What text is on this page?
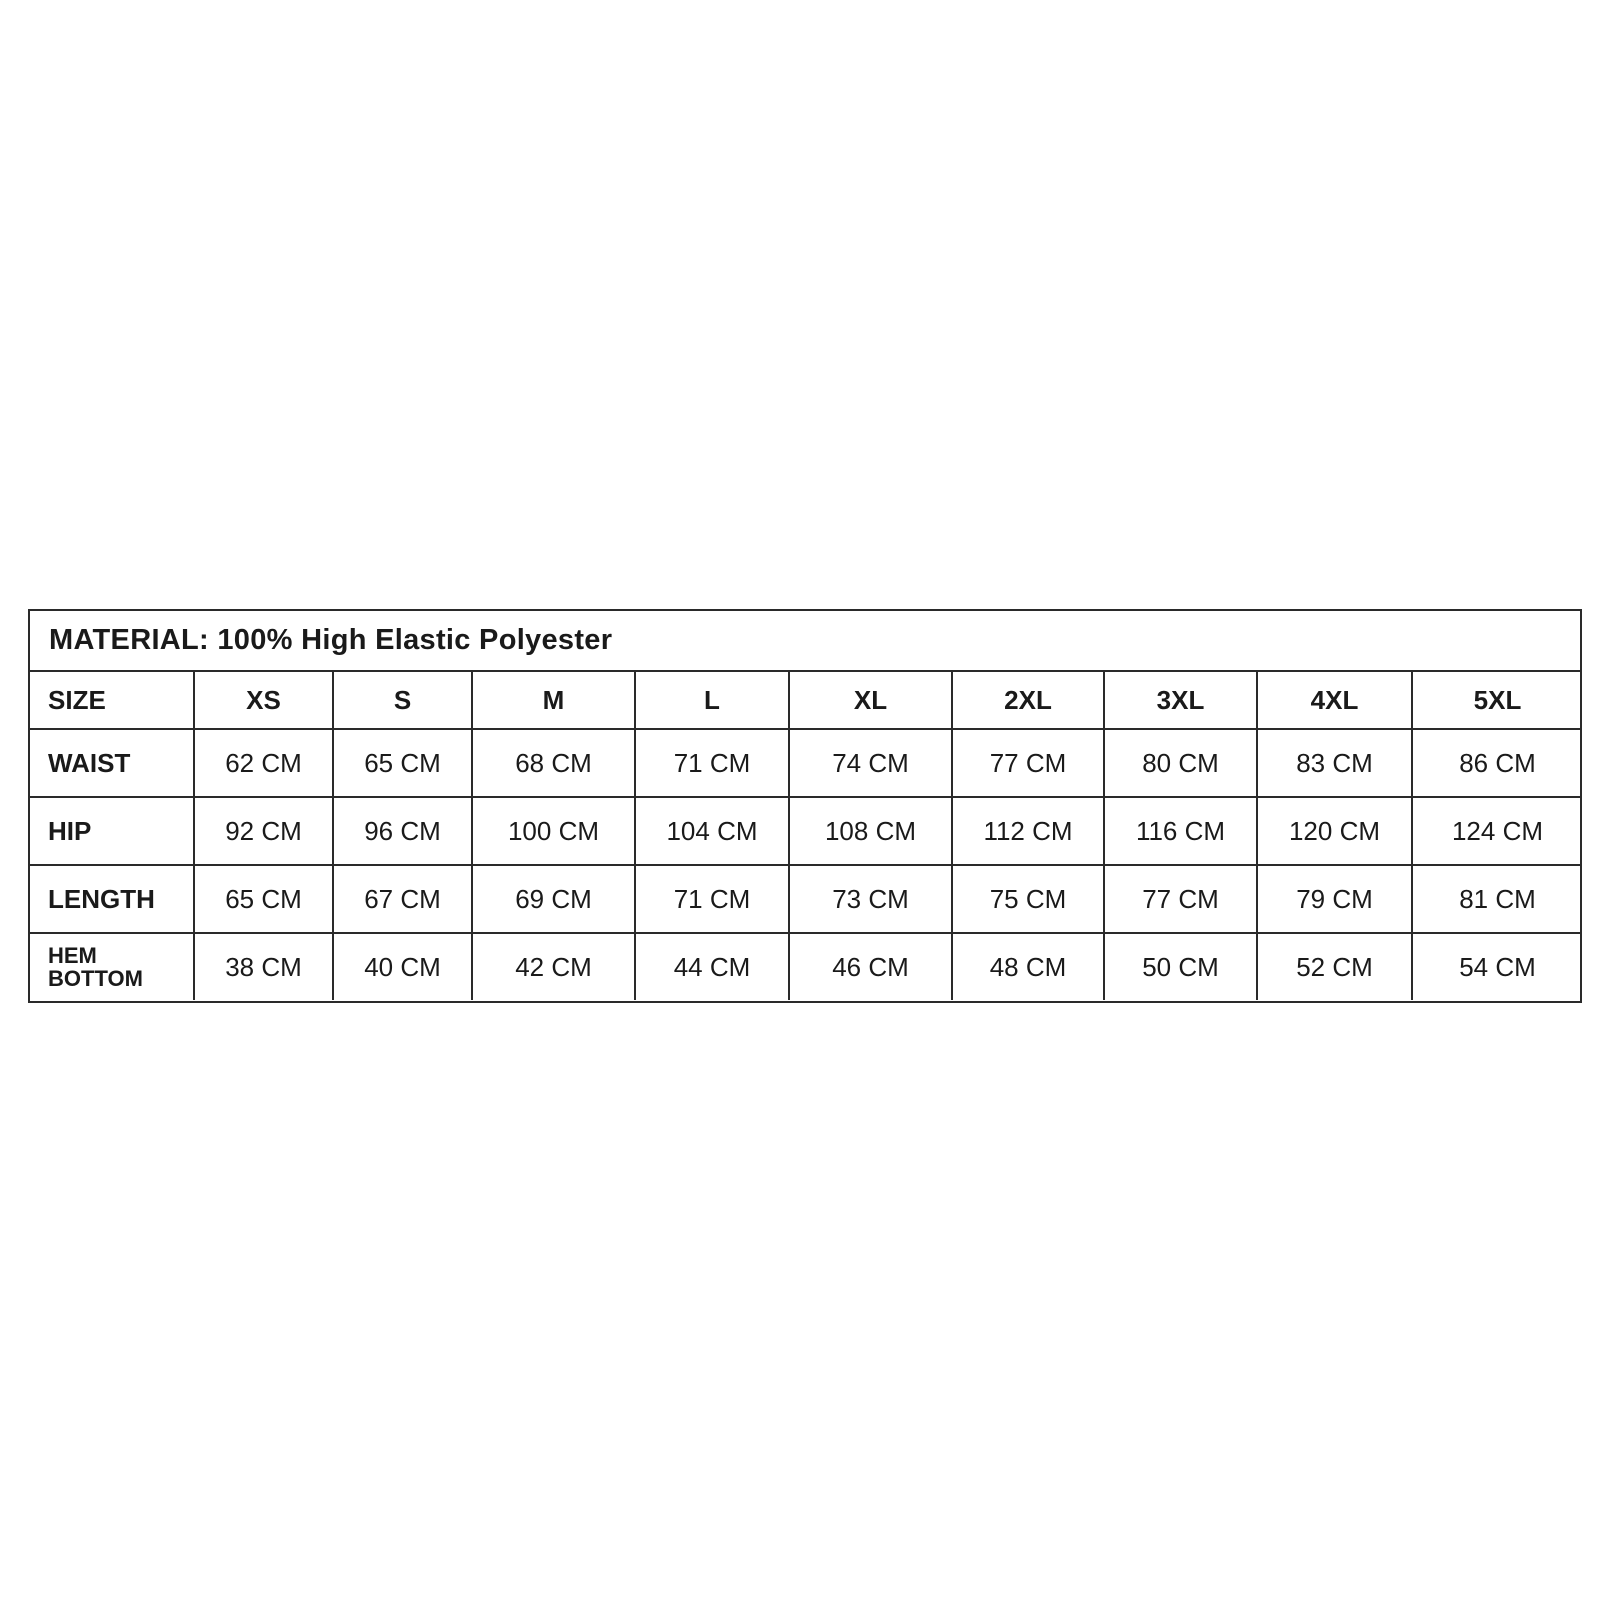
MATERIAL: 100% High Elastic Polyester
SIZE	XS	S	M	L	XL	2XL	3XL	4XL	5XL
WAIST	62 CM	65 CM	68 CM	71 CM	74 CM	77 CM	80 CM	83 CM	86 CM
HIP	92 CM	96 CM	100 CM	104 CM	108 CM	112 CM	116 CM	120 CM	124 CM
LENGTH	65 CM	67 CM	69 CM	71 CM	73 CM	75 CM	77 CM	79 CM	81 CM

HEM
BOTTOM	38 CM	40 CM	42 CM	44 CM	46 CM	48 CM	50 CM	52 CM	54 CM
